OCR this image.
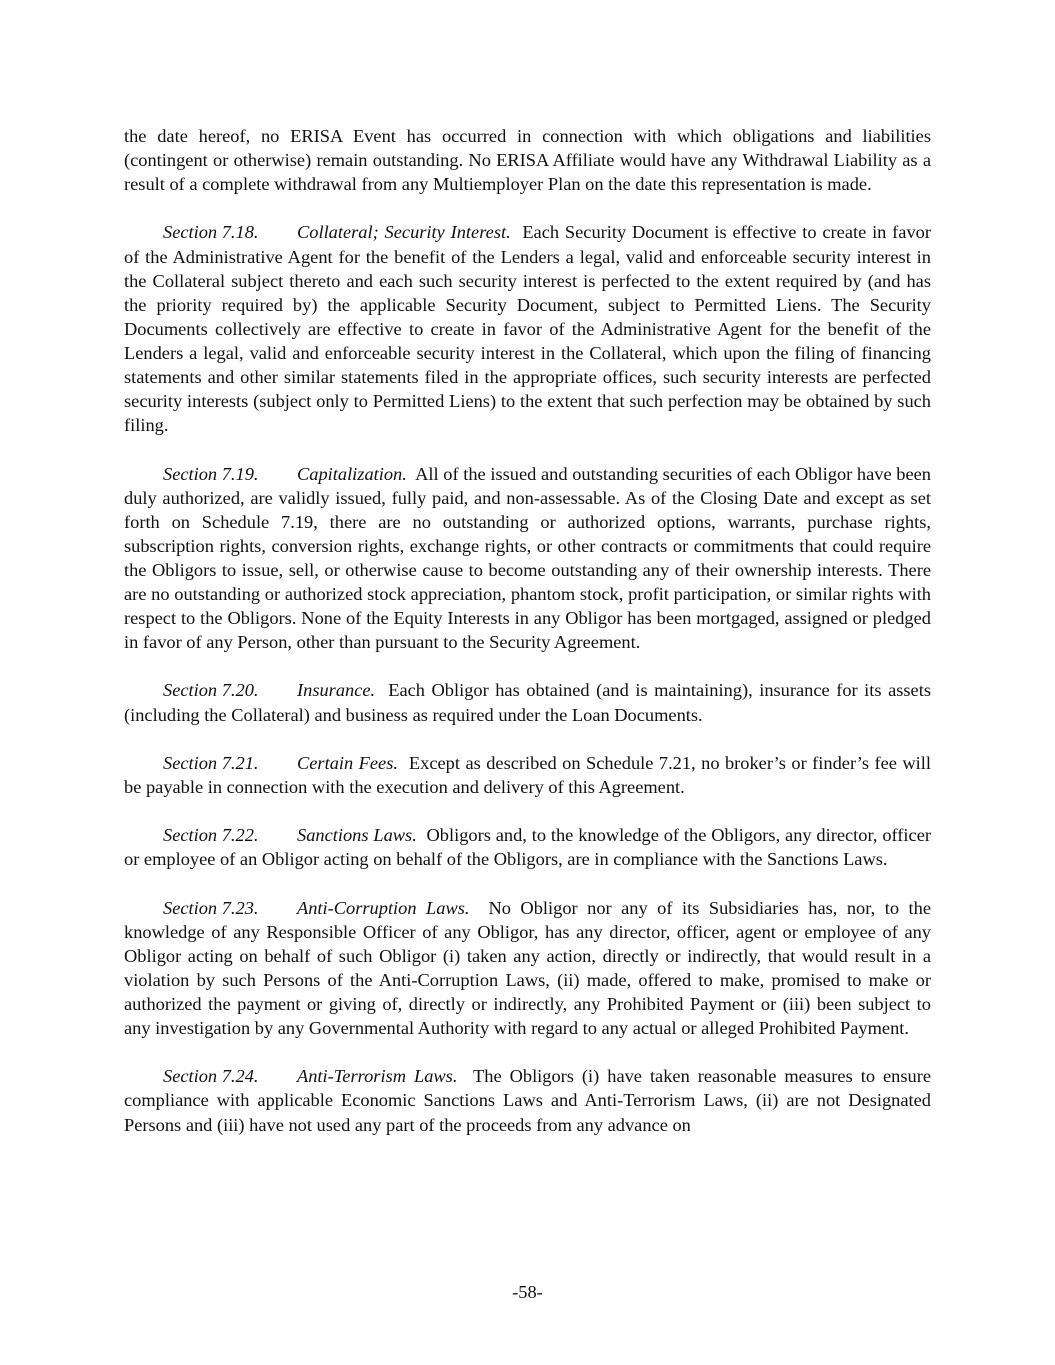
the date hereof, no ERISA Event has occurred in connection with which obligations and liabilities (contingent or otherwise) remain outstanding. No ERISA Affiliate would have any Withdrawal Liability as a result of a complete withdrawal from any Multiemployer Plan on the date this representation is made.

Section 7.18. Collateral; Security Interest. Each Security Document is effective to create in favor of the Administrative Agent for the benefit of the Lenders a legal, valid and enforceable security interest in the Collateral subject thereto and each such security interest is perfected to the extent required by (and has the priority required by) the applicable Security Document, subject to Permitted Liens. The Security Documents collectively are effective to create in favor of the Administrative Agent for the benefit of the Lenders a legal, valid and enforceable security interest in the Collateral, which upon the filing of financing statements and other similar statements filed in the appropriate offices, such security interests are perfected security interests (subject only to Permitted Liens) to the extent that such perfection may be obtained by such filing.

Section 7.19. Capitalization. All of the issued and outstanding securities of each Obligor have been duly authorized, are validly issued, fully paid, and non-assessable. As of the Closing Date and except as set forth on Schedule 7.19, there are no outstanding or authorized options, warrants, purchase rights, subscription rights, conversion rights, exchange rights, or other contracts or commitments that could require the Obligors to issue, sell, or otherwise cause to become outstanding any of their ownership interests. There are no outstanding or authorized stock appreciation, phantom stock, profit participation, or similar rights with respect to the Obligors. None of the Equity Interests in any Obligor has been mortgaged, assigned or pledged in favor of any Person, other than pursuant to the Security Agreement.

Section 7.20. Insurance. Each Obligor has obtained (and is maintaining), insurance for its assets (including the Collateral) and business as required under the Loan Documents.

Section 7.21. Certain Fees. Except as described on Schedule 7.21, no broker’s or finder’s fee will be payable in connection with the execution and delivery of this Agreement.

Section 7.22. Sanctions Laws. Obligors and, to the knowledge of the Obligors, any director, officer or employee of an Obligor acting on behalf of the Obligors, are in compliance with the Sanctions Laws.

Section 7.23. Anti-Corruption Laws. No Obligor nor any of its Subsidiaries has, nor, to the knowledge of any Responsible Officer of any Obligor, has any director, officer, agent or employee of any Obligor acting on behalf of such Obligor (i) taken any action, directly or indirectly, that would result in a violation by such Persons of the Anti-Corruption Laws, (ii) made, offered to make, promised to make or authorized the payment or giving of, directly or indirectly, any Prohibited Payment or (iii) been subject to any investigation by any Governmental Authority with regard to any actual or alleged Prohibited Payment.

Section 7.24. Anti-Terrorism Laws. The Obligors (i) have taken reasonable measures to ensure compliance with applicable Economic Sanctions Laws and Anti-Terrorism Laws, (ii) are not Designated Persons and (iii) have not used any part of the proceeds from any advance on

-58-
